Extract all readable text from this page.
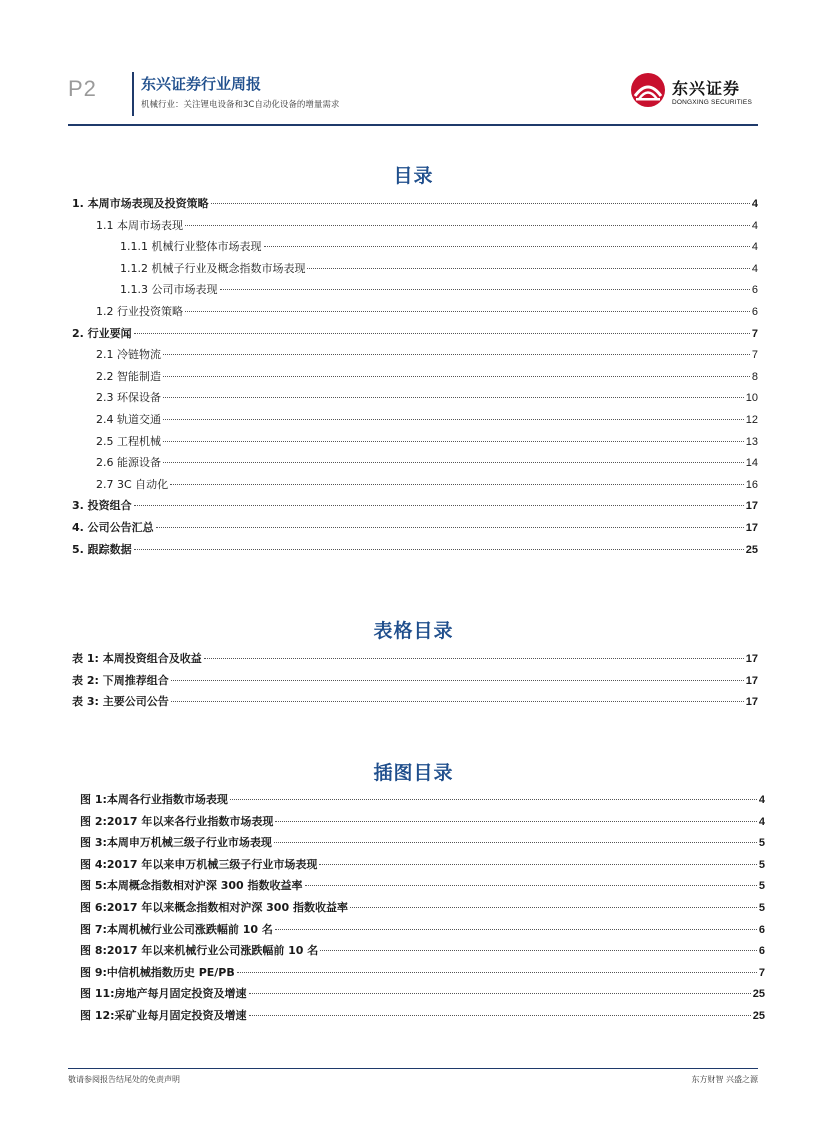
P2	东兴证券行业周报
机械行业：关注锂电设备和3C自动化设备的增量需求
东兴证券
DONGXING SECURITIES
目录
1. 本周市场表现及投资策略	4
1.1 本周市场表现	4
1.1.1 机械行业整体市场表现	4
1.1.2 机械子行业及概念指数市场表现	4
1.1.3 公司市场表现	6
1.2 行业投资策略	6
2. 行业要闻	7
2.1 冷链物流	7
2.2 智能制造	8
2.3 环保设备	10
2.4 轨道交通	12
2.5 工程机械	13
2.6 能源设备	14
2.7 3C 自动化	16
3. 投资组合	17
4. 公司公告汇总	17
5. 跟踪数据	25
表格目录
表 1: 本周投资组合及收益	17
表 2: 下周推荐组合	17
表 3: 主要公司公告	17
插图目录
图 1:本周各行业指数市场表现	4
图 2:2017 年以来各行业指数市场表现	4
图 3:本周申万机械三级子行业市场表现	5
图 4:2017 年以来申万机械三级子行业市场表现	5
图 5:本周概念指数相对沪深 300 指数收益率	5
图 6:2017 年以来概念指数相对沪深 300 指数收益率	5
图 7:本周机械行业公司涨跌幅前 10 名	6
图 8:2017 年以来机械行业公司涨跌幅前 10 名	6
图 9:中信机械指数历史 PE/PB	7
图 11:房地产每月固定投资及增速	25
图 12:采矿业每月固定投资及增速	25
敬请参阅报告结尾处的免责声明	东方财智 兴盛之源
